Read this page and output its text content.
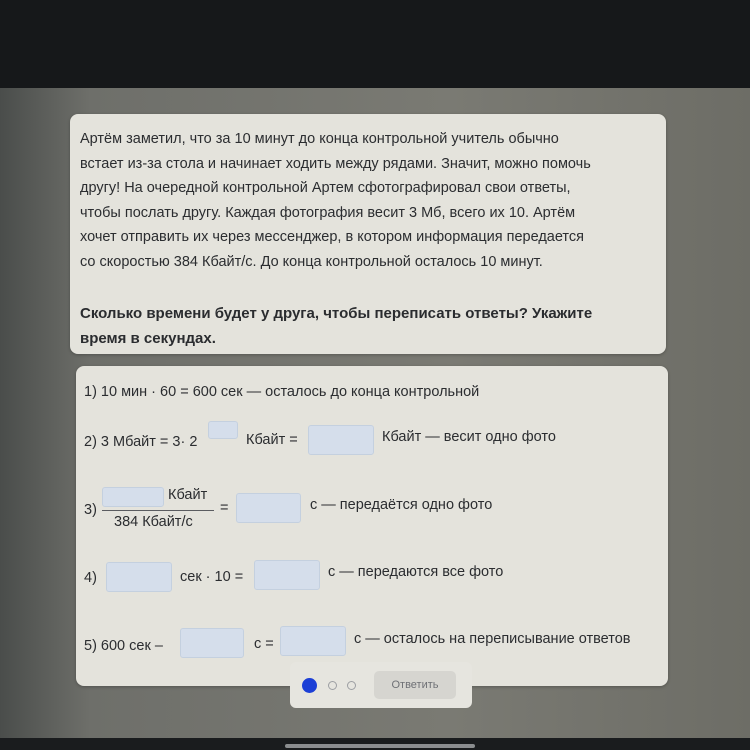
Артём заметил, что за 10 минут до конца контрольной учитель обычно

встает из-за стола и начинает ходить между рядами. Значит, можно помочь

другу! На очередной контрольной Артем сфотографировал свои ответы,

чтобы послать другу. Каждая фотография весит 3 Мб, всего их 10. Артём

хочет отправить их через мессенджер, в котором информация передается

со скоростью 384 Кбайт/с. До конца контрольной осталось 10 минут.

Сколько времени будет у друга, чтобы переписать ответы? Укажите
время в секундах.
1) 10 мин · 60 = 600 сек — осталось до конца контрольной
2) 3 Мбайт = 3· 2	Кбайт =	Кбайт — весит одно фото
3)
Кбайт
384 Кбайт/с
=	с — передаётся одно фото
4)	сек · 10 =	с — передаются все фото
5) 600 сек –	с =	с — осталось на переписывание ответов
Ответить
